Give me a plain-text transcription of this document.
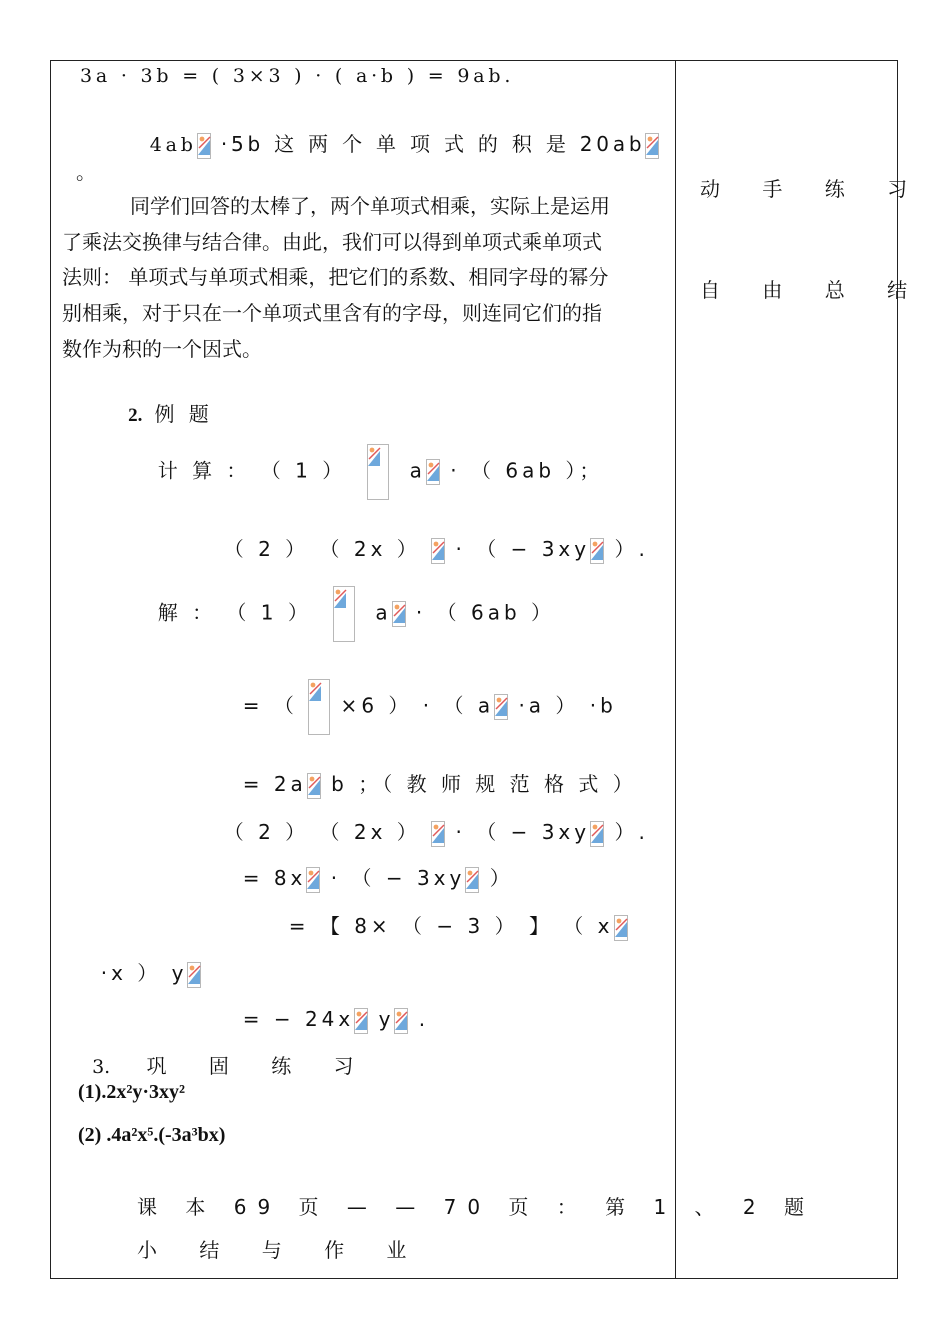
3a · 3b = ( 3×3 ) · ( a·b ) = 9ab.

4ab
·5b 这 两 个 单 项 式 的 积 是 20ab

。
同学们回答的太棒了，两个单项式相乘，实际上是运用
了乘法交换律与结合律。由此，我们可以得到单项式乘单项式
法则： 单项式与单项式相乘，把它们的系数、相同字母的幂分
别相乘，对于只在一个单项式里含有的字母，则连同它们的指
数作为积的一个因式。

2. 例 题

计 算 ： （ 1 ）	a
· （ 6ab ）；

（ 2 ） （ 2x ）
· （ − 3xy
）.

解 ： （ 1 ）	a
· （ 6ab ）

= （
×6 ） · （ a
·a ） ·b

= 2a
b ；（ 教 师 规 范 格 式 ）

（ 2 ） （ 2x ）
· （ − 3xy
）.

= 8x
· （ − 3xy
）

= 【 8× （ − 3 ） 】 （ x

·x ） y

= − 24x
y
.

3. 巩 固 练 习

(1).2x²y·3xy²
(2) .4a²x⁵.(-3a³bx)
课 本 69 页 — — 70 页 ： 第 1 、 2 题
小 结 与 作 业
动 手 练 习
自 由 总 结
